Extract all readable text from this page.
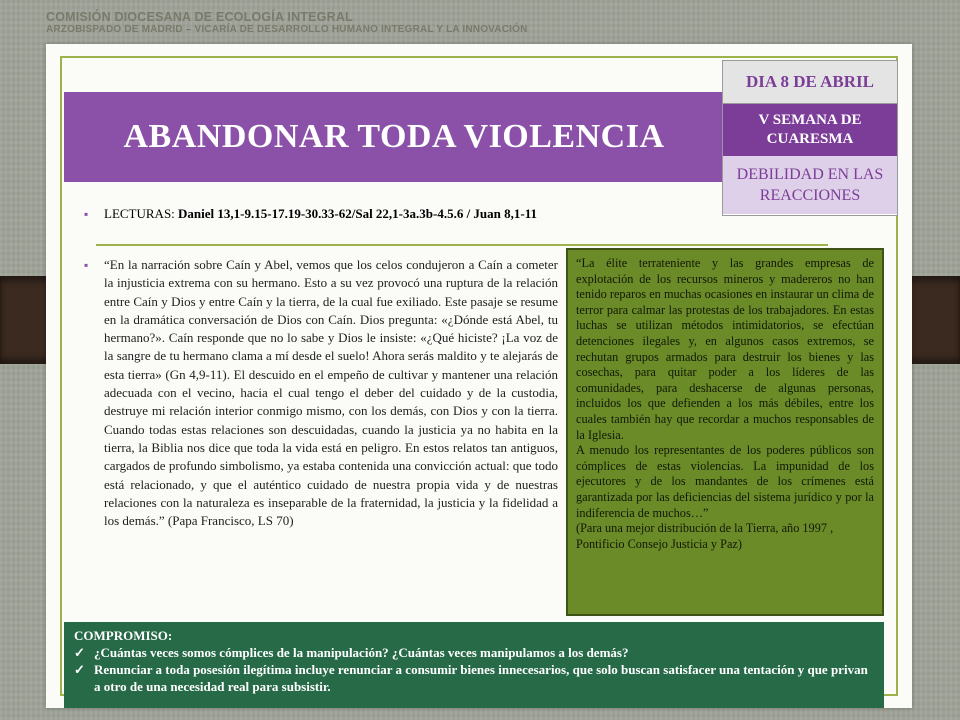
COMISIÓN DIOCESANA DE ECOLOGÍA INTEGRAL
ARZOBISPADO DE MADRID – VICARÍA DE DESARROLLO HUMANO INTEGRAL Y LA INNOVACIÓN
ABANDONAR TODA VIOLENCIA
DIA 8 DE ABRIL
V SEMANA DE CUARESMA
DEBILIDAD EN LAS REACCIONES
▪ LECTURAS: Daniel 13,1-9.15-17.19-30.33-62/Sal 22,1-3a.3b-4.5.6 / Juan 8,1-11
▪ “En la narración sobre Caín y Abel, vemos que los celos condujeron a Caín a cometer la injusticia extrema con su hermano. Esto a su vez provocó una ruptura de la relación entre Caín y Dios y entre Caín y la tierra, de la cual fue exiliado. Este pasaje se resume en la dramática conversación de Dios con Caín. Dios pregunta: «¿Dónde está Abel, tu hermano?». Caín responde que no lo sabe y Dios le insiste: «¿Qué hiciste? ¡La voz de la sangre de tu hermano clama a mí desde el suelo! Ahora serás maldito y te alejarás de esta tierra» (Gn 4,9-11). El descuido en el empeño de cultivar y mantener una relación adecuada con el vecino, hacia el cual tengo el deber del cuidado y de la custodia, destruye mi relación interior conmigo mismo, con los demás, con Dios y con la tierra. Cuando todas estas relaciones son descuidadas, cuando la justicia ya no habita en la tierra, la Biblia nos dice que toda la vida está en peligro. En estos relatos tan antiguos, cargados de profundo simbolismo, ya estaba contenida una convicción actual: que todo está relacionado, y que el auténtico cuidado de nuestra propia vida y de nuestras relaciones con la naturaleza es inseparable de la fraternidad, la justicia y la fidelidad a los demás.” (Papa Francisco, LS 70)

“La élite terrateniente y las grandes empresas de explotación de los recursos mineros y madereros no han tenido reparos en muchas ocasiones en instaurar un clima de terror para calmar las protestas de los trabajadores. En estas luchas se utilizan métodos intimidatorios, se efectúan detenciones ilegales y, en algunos casos extremos, se rechutan grupos armados para destruir los bienes y las cosechas, para quitar poder a los líderes de las comunidades, para deshacerse de algunas personas, incluidos los que defienden a los más débiles, entre los cuales también hay que recordar a muchos responsables de la Iglesia.

A menudo los representantes de los poderes públicos son cómplices de estas violencias. La impunidad de los ejecutores y de los mandantes de los crímenes está garantizada por las deficiencias del sistema jurídico y por la indiferencia de muchos…”

(Para una mejor distribución de la Tierra, año 1997 , Pontificio Consejo Justicia y Paz)

COMPROMISO:
✓ ¿Cuántas veces somos cómplices de la manipulación? ¿Cuántas veces manipulamos a los demás?
✓ Renunciar a toda posesión ilegítima incluye renunciar a consumir bienes innecesarios, que solo buscan satisfacer una tentación y que privan a otro de una necesidad real para subsistir.
